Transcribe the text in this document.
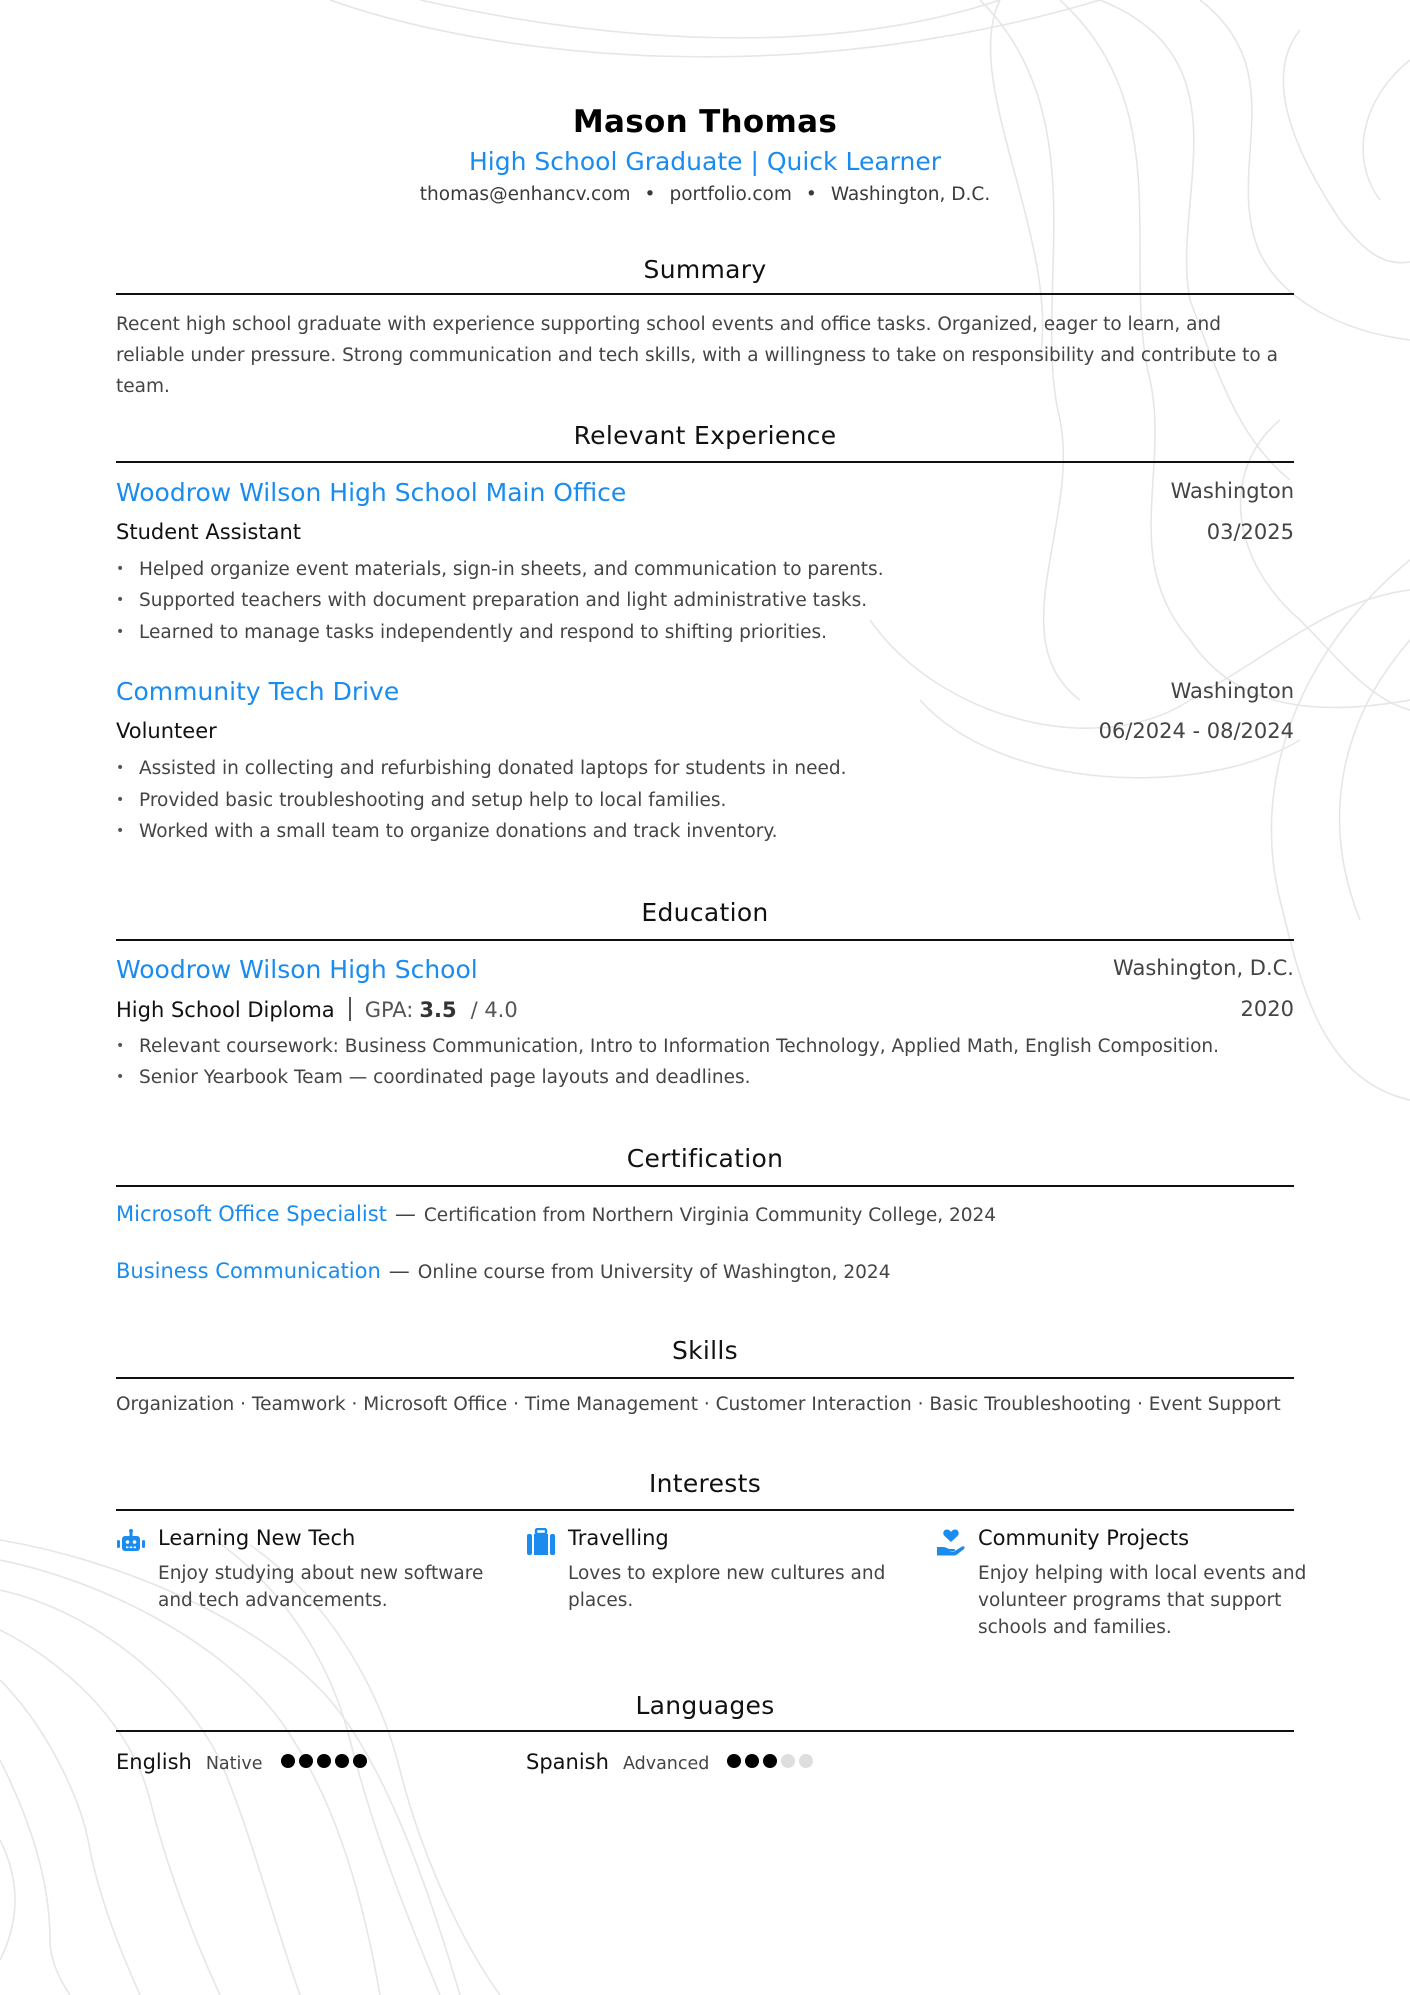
Mason Thomas
High School Graduate | Quick Learner
thomas@enhancv.com • portfolio.com • Washington, D.C.
Summary
Recent high school graduate with experience supporting school events and office tasks. Organized, eager to learn, and reliable under pressure. Strong communication and tech skills, with a willingness to take on responsibility and contribute to a team.
Relevant Experience
Woodrow Wilson High School Main Office	Washington
Student Assistant	03/2025
• Helped organize event materials, sign-in sheets, and communication to parents.
• Supported teachers with document preparation and light administrative tasks.
• Learned to manage tasks independently and respond to shifting priorities.
Community Tech Drive	Washington
Volunteer	06/2024 - 08/2024
• Assisted in collecting and refurbishing donated laptops for students in need.
• Provided basic troubleshooting and setup help to local families.
• Worked with a small team to organize donations and track inventory.
Education
Woodrow Wilson High School	Washington, D.C.
High School Diploma GPA: 3.5 / 4.0	2020
• Relevant coursework: Business Communication, Intro to Information Technology, Applied Math, English Composition.
• Senior Yearbook Team — coordinated page layouts and deadlines.
Certification
Microsoft Office Specialist — Certification from Northern Virginia Community College, 2024
Business Communication — Online course from University of Washington, 2024
Skills
Organization · Teamwork · Microsoft Office · Time Management · Customer Interaction · Basic Troubleshooting · Event Support
Interests
Learning New Tech
Enjoy studying about new software and tech advancements.
Travelling
Loves to explore new cultures and places.
Community Projects
Enjoy helping with local events and volunteer programs that support schools and families.
Languages
English Native	Spanish Advanced
